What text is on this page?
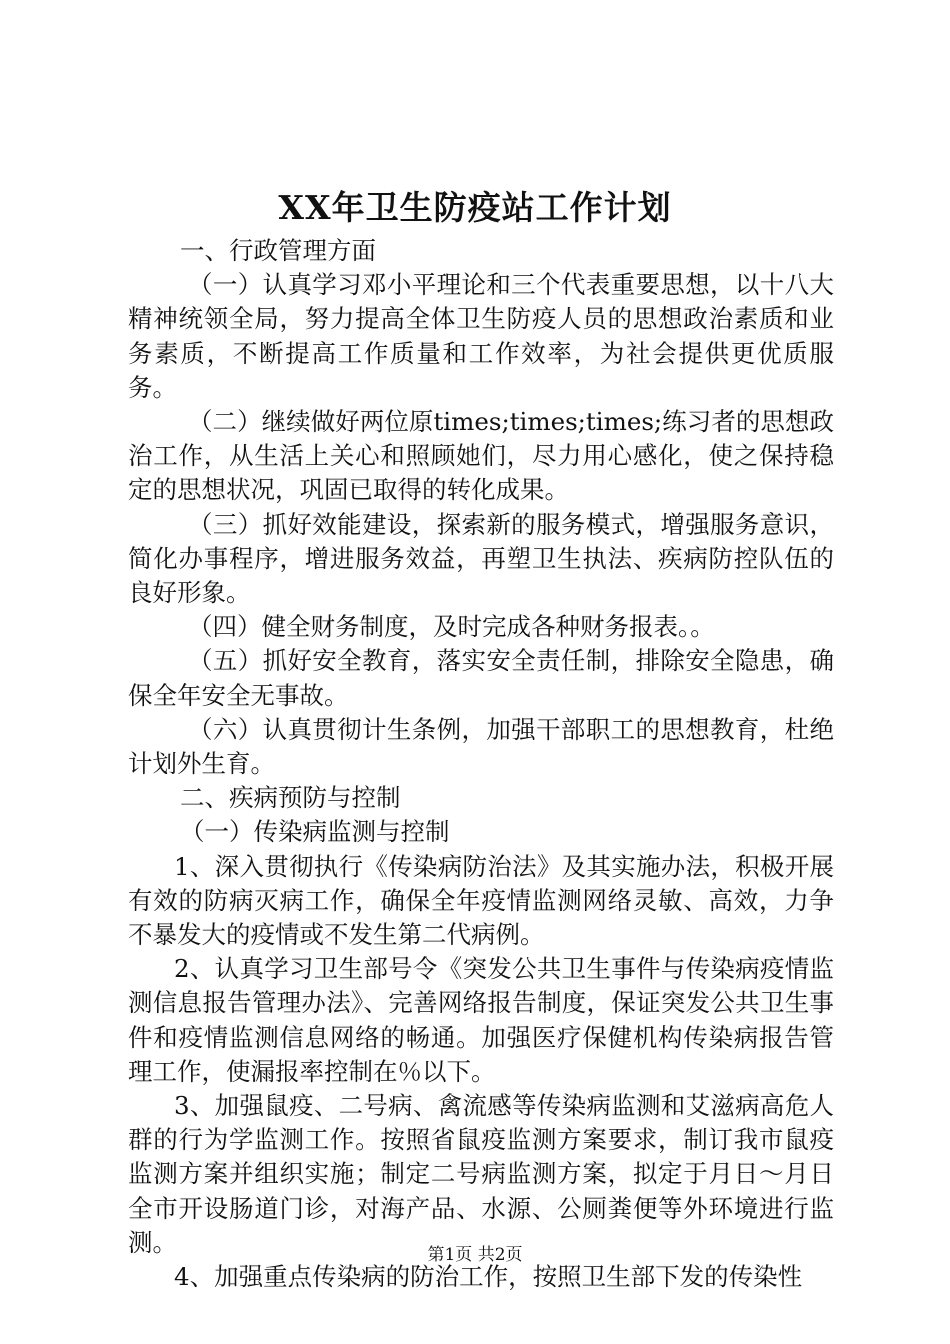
XX年卫生防疫站工作计划

一、行政管理方面

（一）认真学习邓小平理论和三个代表重要思想，以十八大精神统领全局，努力提高全体卫生防疫人员的思想政治素质和业务素质，不断提高工作质量和工作效率，为社会提供更优质服务。

（二）继续做好两位原times;times;times;练习者的思想政治工作，从生活上关心和照顾她们，尽力用心感化，使之保持稳定的思想状况，巩固已取得的转化成果。

（三）抓好效能建设，探索新的服务模式，增强服务意识，简化办事程序，增进服务效益，再塑卫生执法、疾病防控队伍的良好形象。

（四）健全财务制度，及时完成各种财务报表。。

（五）抓好安全教育，落实安全责任制，排除安全隐患，确保全年安全无事故。

（六）认真贯彻计生条例，加强干部职工的思想教育，杜绝计划外生育。

二、疾病预防与控制

（一）传染病监测与控制

1、深入贯彻执行《传染病防治法》及其实施办法，积极开展有效的防病灭病工作，确保全年疫情监测网络灵敏、高效，力争不暴发大的疫情或不发生第二代病例。

2、认真学习卫生部号令《突发公共卫生事件与传染病疫情监测信息报告管理办法》、完善网络报告制度，保证突发公共卫生事件和疫情监测信息网络的畅通。加强医疗保健机构传染病报告管理工作，使漏报率控制在％以下。

3、加强鼠疫、二号病、禽流感等传染病监测和艾滋病高危人群的行为学监测工作。按照省鼠疫监测方案要求，制订我市鼠疫监测方案并组织实施；制定二号病监测方案，拟定于月日～月日全市开设肠道门诊，对海产品、水源、公厕粪便等外环境进行监测。

4、加强重点传染病的防治工作，按照卫生部下发的传染性

第1页 共2页
